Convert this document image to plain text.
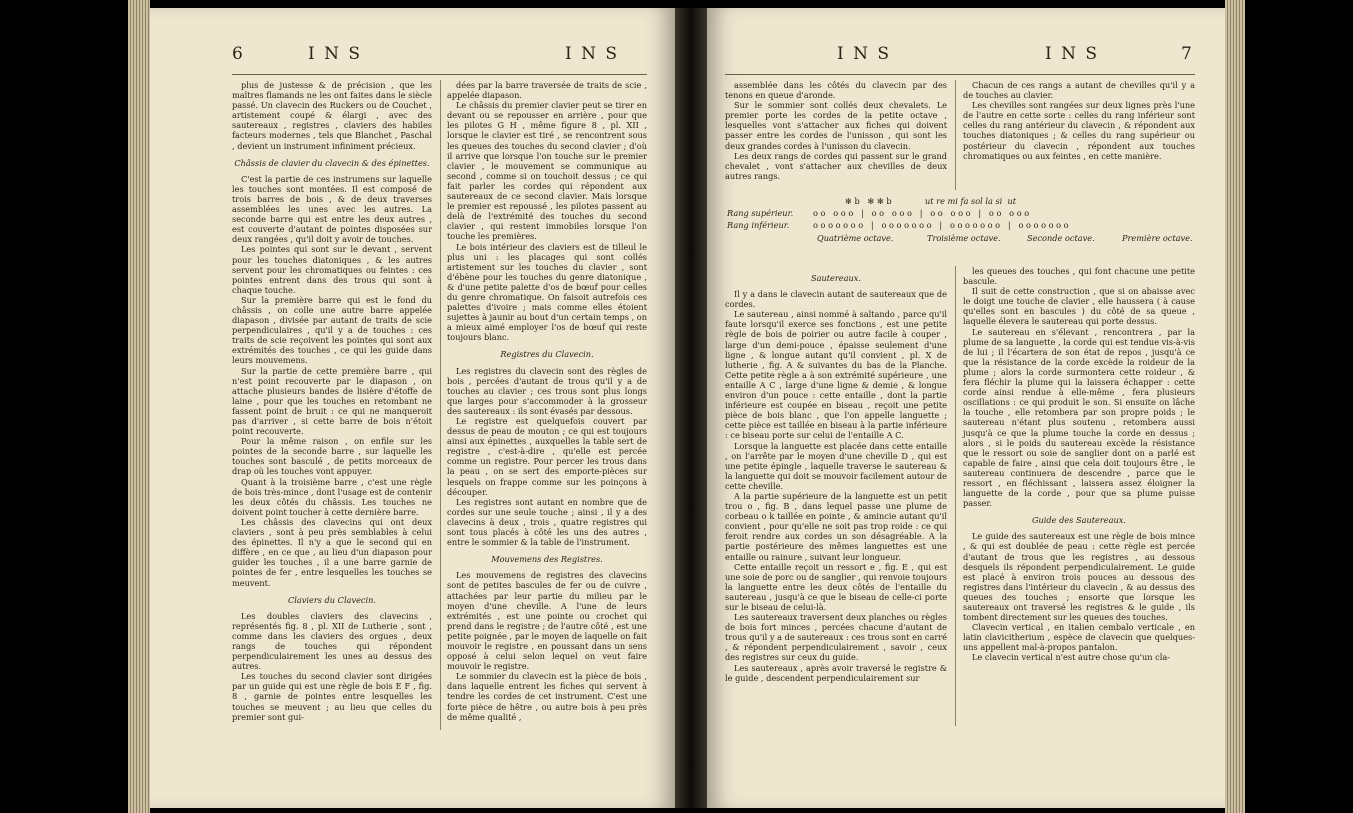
6	I N S	I N S

plus de justesse & de précision , que les maîtres flamands ne les ont faites dans le siècle passé. Un clavecin des Ruckers ou de Couchet , artistement coupé & élargi , avec des sautereaux , registres , claviers des habiles facteurs modernes , tels que Blanchet , Paschal , devient un instrument infiniment précieux.

Châssis de clavier du clavecin & des épinettes.

C'est la partie de ces instrumens sur laquelle les touches sont montées. Il est composé de trois barres de bois , & de deux traverses assemblées les unes avec les autres. La seconde barre qui est entre les deux autres , est couverte d'autant de pointes disposées sur deux rangées , qu'il doit y avoir de touches.

Les pointes qui sont sur le devant , servent pour les touches diatoniques , & les autres servent pour les chromatiques ou feintes : ces pointes entrent dans des trous qui sont à chaque touche.

Sur la première barre qui est le fond du châssis , on colle une autre barre appelée diapason , divisée par autant de traits de scie perpendiculaires , qu'il y a de touches : ces traits de scie reçoivent les pointes qui sont aux extrémités des touches , ce qui les guide dans leurs mouvemens.

Sur la partie de cette première barre , qui n'est point recouverte par le diapason , on attache plusieurs bandes de lisière d'étoffe de laine , pour que les touches en retombant ne fassent point de bruit : ce qui ne manqueroit pas d'arriver , si cette barre de bois n'étoit point recouverte.

Pour la même raison , on enfile sur les pointes de la seconde barre , sur laquelle les touches sont basculé , de petits morceaux de drap où les touches vont appuyer.

Quant à la troisième barre , c'est une règle de bois très-mince , dont l'usage est de contenir les deux côtés du châssis. Les touches ne doivent point toucher à cette dernière barre.

Les châssis des clavecins qui ont deux claviers , sont à peu près semblables à celui des épinettes. Il n'y a que le second qui en diffère , en ce que , au lieu d'un diapason pour guider les touches , il a une barre garnie de pointes de fer , entre lesquelles les touches se meuvent.

Claviers du Clavecin.

Les doubles claviers des clavecins , représentés fig. 8 , pl. XII de Lutherie , sont , comme dans les claviers des orgues , deux rangs de touches qui répondent perpendiculairement les unes au dessus des autres.

Les touches du second clavier sont dirigées par un guide qui est une règle de bois E F , fig. 8 , garnie de pointes entre lesquelles les touches se meuvent ; au lieu que celles du premier sont gui-

dées par la barre traversée de traits de scie , appelée diapason.

Le châssis du premier clavier peut se tirer en devant ou se repousser en arrière , pour que les pilotes G H , même figure 8 , pl. XII , lorsque le clavier est tiré , se rencontrent sous les queues des touches du second clavier ; d'où il arrive que lorsque l'on touche sur le premier clavier , le mouvement se communique au second , comme si on touchoit dessus ; ce qui fait parler les cordes qui répondent aux sautereaux de ce second clavier. Mais lorsque le premier est repoussé , les pilotes passent au delà de l'extrémité des touches du second clavier , qui restent immobiles lorsque l'on touche les premières.

Le bois intérieur des claviers est de tilleul le plus uni : les placages qui sont collés artistement sur les touches du clavier , sont d'ébène pour les touches du genre diatonique , & d'une petite palette d'os de bœuf pour celles du genre chromatique. On faisoit autrefois ces palettes d'ivoire ; mais comme elles étoient sujettes à jaunir au bout d'un certain temps , on a mieux aimé employer l'os de bœuf qui reste toujours blanc.

Registres du Clavecin.

Les registres du clavecin sont des règles de bois , percées d'autant de trous qu'il y a de touches au clavier ; ces trous sont plus longs que larges pour s'accommoder à la grosseur des sautereaux : ils sont évasés par dessous.

Le registre est quelquefois couvert par dessus de peau de mouton ; ce qui est toujours ainsi aux épinettes , auxquelles la table sert de registre , c'est-à-dire , qu'elle est percée comme un registre. Pour percer les trous dans la peau , on se sert des emporte-pièces sur lesquels on frappe comme sur les poinçons à découper.

Les registres sont autant en nombre que de cordes sur une seule touche ; ainsi , il y a des clavecins à deux , trois , quatre registres qui sont tous placés à côté les uns des autres , entre le sommier & la table de l'instrument.

Mouvemens des Registres.

Les mouvemens de registres des clavecins sont de petites bascules de fer ou de cuivre , attachées par leur partie du milieu par le moyen d'une cheville. A l'une de leurs extrémités , est une pointe ou crochet qui prend dans le registre ; de l'autre côté , est une petite poignée , par le moyen de laquelle on fait mouvoir le registre , en poussant dans un sens opposé à celui selon lequel on veut faire mouvoir le registre.

Le sommier du clavecin est la pièce de bois , dans laquelle entrent les fiches qui servent à tendre les cordes de cet instrument. C'est une forte pièce de hêtre , ou autre bois à peu près de même qualité ,

I N S	I N S	7

assemblée dans les côtés du clavecin par des tenons en queue d'aronde.

Sur le sommier sont collés deux chevalets. Le premier porte les cordes de la petite octave , lesquelles vont s'attacher aux fiches qui doivent passer entre les cordes de l'unisson , qui sont les deux grandes cordes à l'unisson du clavecin.

Les deux rangs de cordes qui passent sur le grand chevalet , vont s'attacher aux chevilles de deux autres rangs.

Chacun de ces rangs a autant de chevilles qu'il y a de touches au clavier.

Les chevilles sont rangées sur deux lignes près l'une de l'autre en cette sorte : celles du rang inférieur sont celles du rang antérieur du clavecin , & répondent aux touches diatoniques ; & celles du rang supérieur ou postérieur du clavecin , répondent aux touches chromatiques ou aux feintes , en cette manière.

✻ b   ✻ ✻ b	ut re mi fa sol la si  ut
Rang supérieur. o o   o o o   |   o o   o o o   |   o o   o o o   |   o o   o o o
Rang inférieur.	o o o o o o o   |   o o o o o o o   |   o o o o o o o   |   o o o o o o o
Quatrième octave.	Troisième octave.	Seconde octave.	Première octave.
Sautereaux.

Il y a dans le clavecin autant de sautereaux que de cordes.

Le sautereau , ainsi nommé à saltando , parce qu'il faute lorsqu'il exerce ses fonctions , est une petite règle de bois de poirier ou autre facile à couper , large d'un demi-pouce , épaisse seulement d'une ligne , & longue autant qu'il convient , pl. X de lutherie , fig. A & suivantes du bas de la Planche. Cette petite règle a à son extrémité supérieure , une entaille A C , large d'une ligne & demie , & longue environ d'un pouce : cette entaille , dont la partie inférieure est coupée en biseau , reçoit une petite pièce de bois blanc , que l'on appelle languette ; cette pièce est taillée en biseau à la partie inférieure : ce biseau porte sur celui de l'entaille A C.

Lorsque la languette est placée dans cette entaille , on l'arrête par le moyen d'une cheville D , qui est une petite épingle , laquelle traverse le sautereau & la languette qui doit se mouvoir facilement autour de cette cheville.

A la partie supérieure de la languette est un petit trou o , fig. B , dans lequel passe une plume de corbeau o k taillée en pointe , & amincie autant qu'il convient , pour qu'elle ne soit pas trop roide : ce qui feroit rendre aux cordes un son désagréable. A la partie postérieure des mêmes languettes est une entaille ou rainure , suivant leur longueur.

Cette entaille reçoit un ressort e , fig. E , qui est une soie de porc ou de sanglier , qui renvoie toujours la languette entre les deux côtés de l'entaille du sautereau , jusqu'à ce que le biseau de celle-ci porte sur le biseau de celui-là.

Les sautereaux traversent deux planches ou règles de bois fort minces , percées chacune d'autant de trous qu'il y a de sautereaux : ces trous sont en carré , & répondent perpendiculairement , savoir , ceux des registres sur ceux du guide.

Les sautereaux , après avoir traversé le registre & le guide , descendent perpendiculairement sur

les queues des touches , qui font chacune une petite bascule.

Il suit de cette construction , que si on abaisse avec le doigt une touche de clavier , elle haussera ( à cause qu'elles sont en bascules ) du côté de sa queue , laquelle élevera le sautereau qui porte dessus.

Le sautereau en s'élevant , rencontrera , par la plume de sa languette , la corde qui est tendue vis-à-vis de lui ; il l'écartera de son état de repos , jusqu'à ce que la résistance de la corde excède la roideur de la plume ; alors la corde surmontera cette roideur , & fera fléchir la plume qui la laissera échapper : cette corde ainsi rendue à elle-même , fera plusieurs oscillations : ce qui produit le son. Si ensuite on lâche la touche , elle retombera par son propre poids ; le sautereau n'étant plus soutenu , retombera aussi jusqu'à ce que la plume touche la corde en dessus ; alors , si le poids du sautereau excède la résistance que le ressort ou soie de sanglier dont on a parlé est capable de faire , ainsi que cela doit toujours être , le sautereau continuera de descendre , parce que le ressort , en fléchissant , laissera assez éloigner la languette de la corde , pour que sa plume puisse passer.

Guide des Sautereaux.

Le guide des sautereaux est une règle de bois mince , & qui est doublée de peau : cette règle est percée d'autant de trous que les registres , au dessous desquels ils répondent perpendiculairement. Le guide est placé à environ trois pouces au dessous des registres dans l'intérieur du clavecin , & au dessus des queues des touches ; ensorte que lorsque les sautereaux ont traversé les registres & le guide , ils tombent directement sur les queues des touches.

Clavecin vertical , en italien cembalo verticale , en latin clavicitherium , espèce de clavecin que quelques-uns appellent mal-à-propos pantalon.

Le clavecin vertical n'est autre chose qu'un cla-
